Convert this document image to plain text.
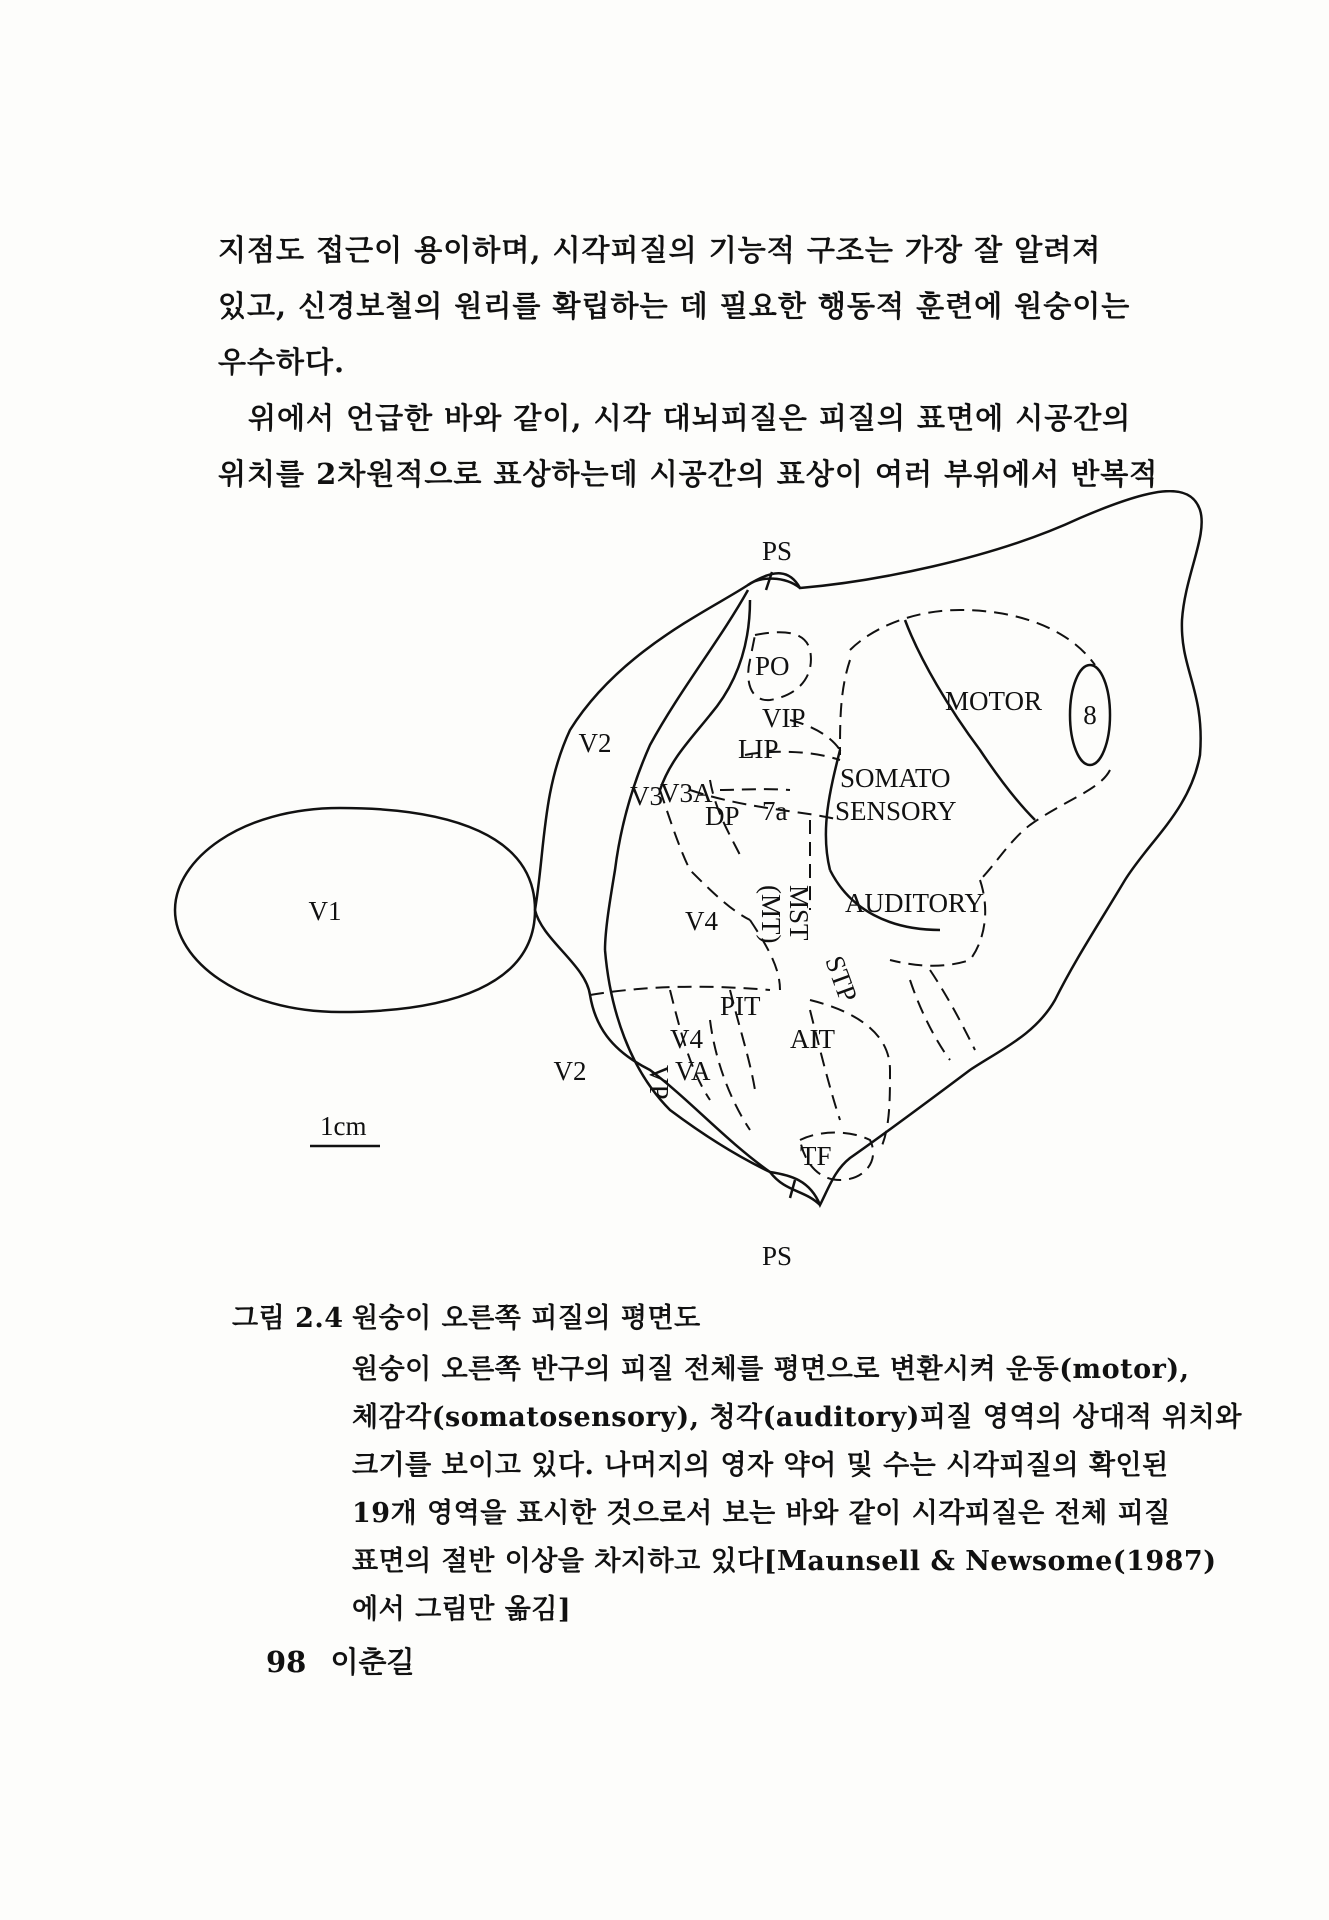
지점도 접근이 용이하며, 시각피질의 기능적 구조는 가장 잘 알려져
있고, 신경보철의 원리를 확립하는 데 필요한 행동적 훈련에 원숭이는
우수하다.
위에서 언급한 바와 같이, 시각 대뇌피질은 피질의 표면에 시공간의
위치를 2차원적으로 표상하는데 시공간의 표상이 여러 부위에서 반복적
PS
PS
V1
V2
V2
V3
V3A
DP 7a
PO
VIP
LIP
SOMATO
SENSORY
MOTOR 8
V4 (MT)
MST
STP
AUDITORY
V4
VP VA
PIT
AIT
TF
1cm
그림 2.4 원숭이 오른쪽 피질의 평면도
원숭이 오른쪽 반구의 피질 전체를 평면으로 변환시켜 운동(motor),
체감각(somatosensory), 청각(auditory)피질 영역의 상대적 위치와
크기를 보이고 있다. 나머지의 영자 약어 및 수는 시각피질의 확인된
19개 영역을 표시한 것으로서 보는 바와 같이 시각피질은 전체 피질
표면의 절반 이상을 차지하고 있다[Maunsell & Newsome(1987)
에서 그림만 옮김]
98 이춘길
